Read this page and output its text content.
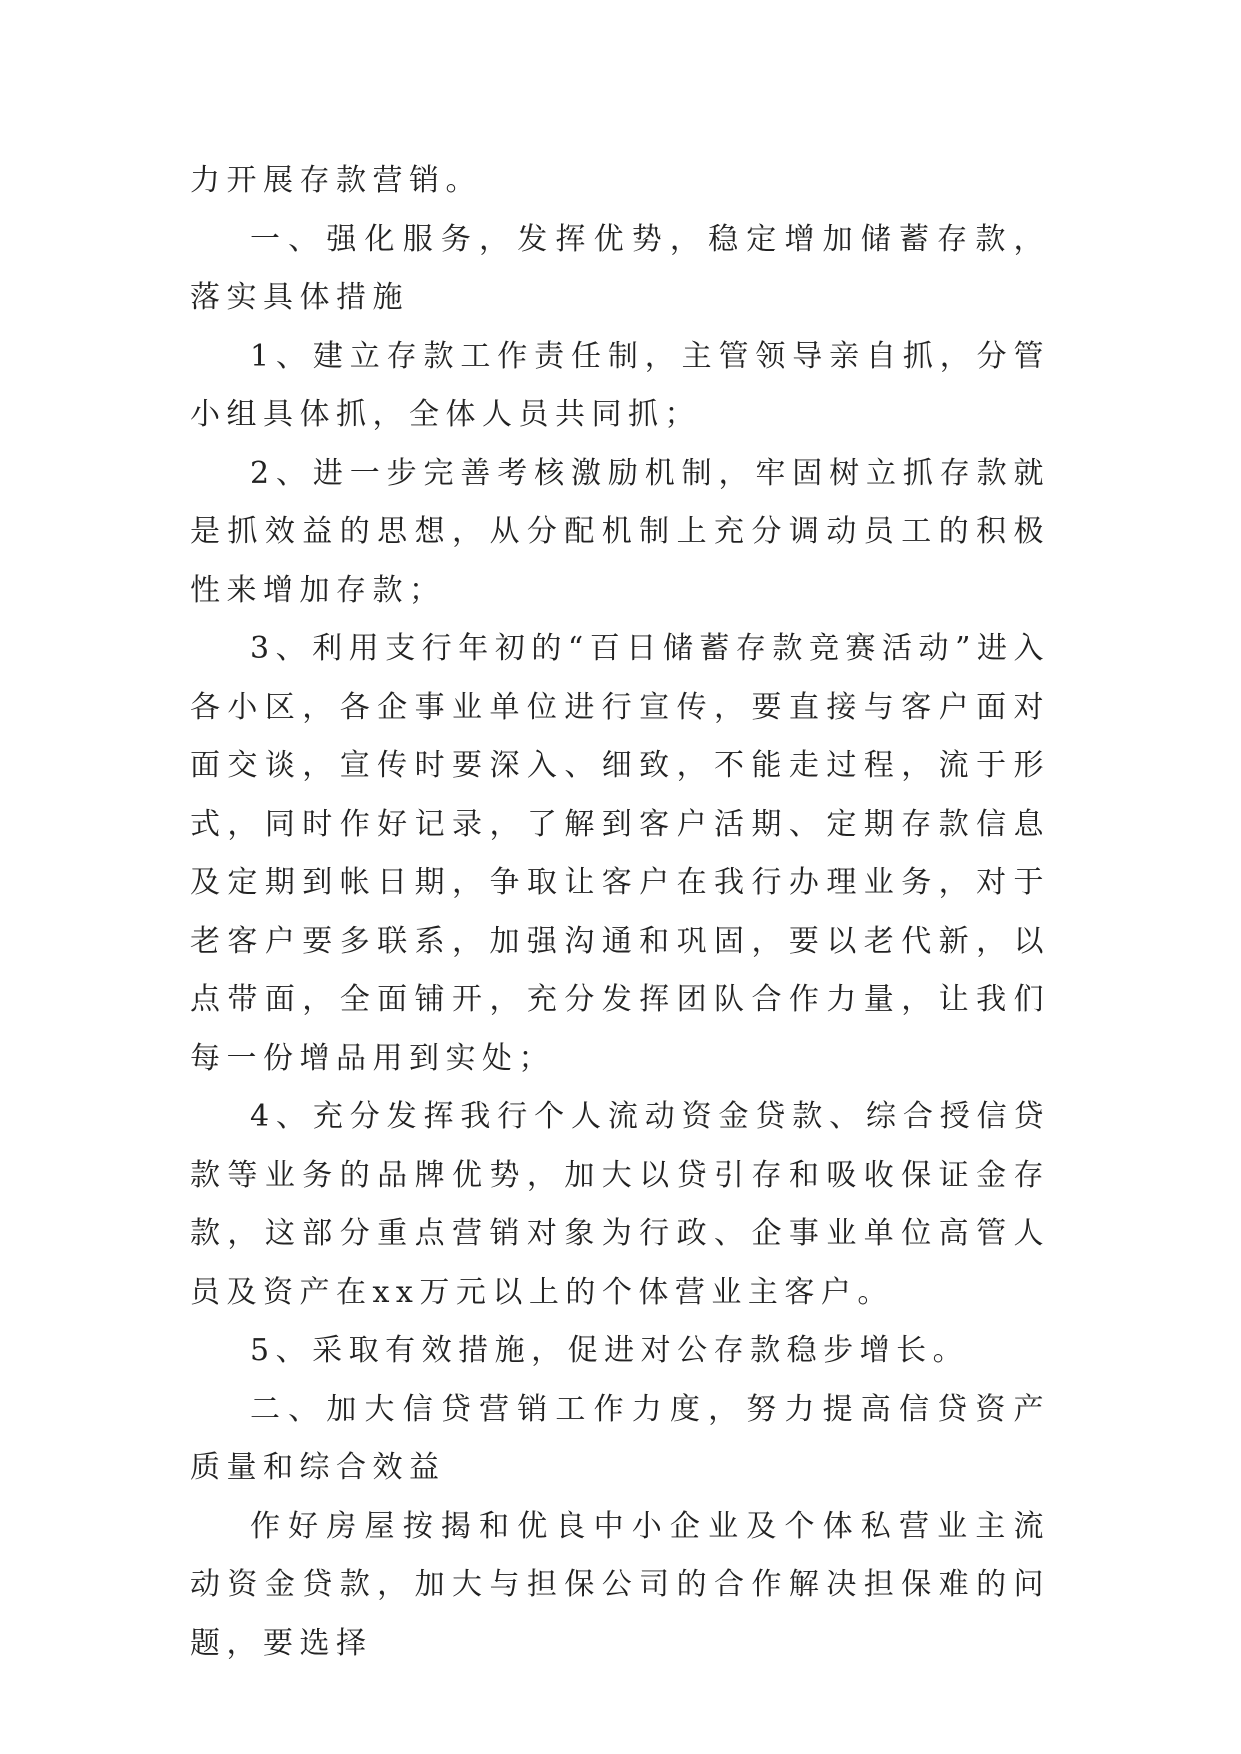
力开展存款营销。

一、强化服务，发挥优势，稳定增加储蓄存款，落实具体措施

1、建立存款工作责任制，主管领导亲自抓，分管小组具体抓，全体人员共同抓；

2、进一步完善考核激励机制，牢固树立抓存款就是抓效益的思想，从分配机制上充分调动员工的积极性来增加存款；

3、利用支行年初的“百日储蓄存款竞赛活动”进入各小区，各企事业单位进行宣传，要直接与客户面对面交谈，宣传时要深入、细致，不能走过程，流于形式，同时作好记录，了解到客户活期、定期存款信息及定期到帐日期，争取让客户在我行办理业务，对于老客户要多联系，加强沟通和巩固，要以老代新，以点带面，全面铺开，充分发挥团队合作力量，让我们每一份增品用到实处；

4、充分发挥我行个人流动资金贷款、综合授信贷款等业务的品牌优势，加大以贷引存和吸收保证金存款，这部分重点营销对象为行政、企事业单位高管人员及资产在xx万元以上的个体营业主客户。

5、采取有效措施，促进对公存款稳步增长。

二、加大信贷营销工作力度，努力提高信贷资产质量和综合效益

作好房屋按揭和优良中小企业及个体私营业主流动资金贷款，加大与担保公司的合作解决担保难的问题，要选择
